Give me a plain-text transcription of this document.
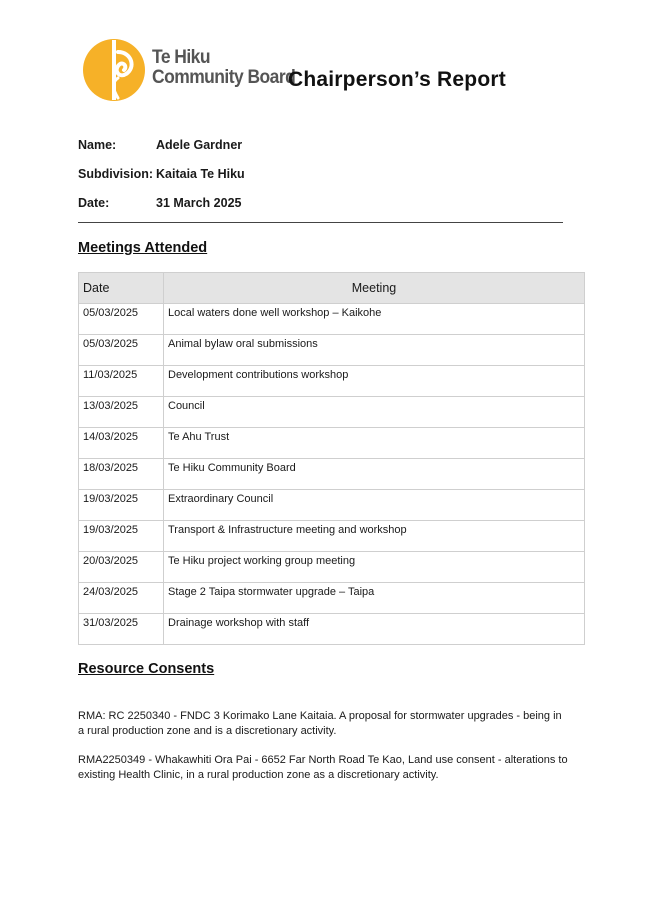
Te Hiku
Community Board
Chairperson’s Report
Name:	Adele Gardner
Subdivision: Kaitaia Te Hiku
Date:	31 March 2025
Meetings Attended
Date	Meeting
05/03/2025	Local waters done well workshop – Kaikohe
05/03/2025	Animal bylaw oral submissions
11/03/2025	Development contributions workshop
13/03/2025	Council
14/03/2025	Te Ahu Trust
18/03/2025	Te Hiku Community Board
19/03/2025	Extraordinary Council
19/03/2025	Transport & Infrastructure meeting and workshop
20/03/2025	Te Hiku project working group meeting
24/03/2025	Stage 2 Taipa stormwater upgrade – Taipa
31/03/2025	Drainage workshop with staff
Resource Consents

RMA: RC 2250340 - FNDC 3 Korimako Lane Kaitaia. A proposal for stormwater upgrades - being in a rural production zone and is a discretionary activity.

RMA2250349 - Whakawhiti Ora Pai - 6652 Far North Road Te Kao, Land use consent - alterations to existing Health Clinic, in a rural production zone as a discretionary activity.
